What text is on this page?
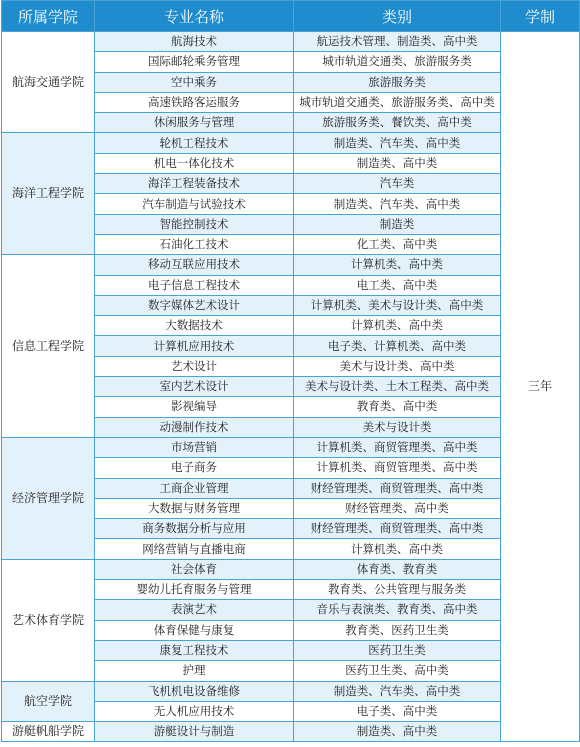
所属学院	专业名称	类别	学制
航海交通学院	航海技术	航运技术管理、制造类、高中类	三年
	国际邮轮乘务管理	城市轨道交通类、旅游服务类	
	空中乘务	旅游服务类	
	高速铁路客运服务	城市轨道交通类、旅游服务类、高中类	
	休闲服务与管理	旅游服务类、餐饮类、高中类	
海洋工程学院	轮机工程技术	制造类、汽车类、高中类	
	机电一体化技术	制造类、高中类	
	海洋工程装备技术	汽车类	
	汽车制造与试验技术	制造类、汽车类、高中类	
	智能控制技术	制造类	
	石油化工技术	化工类、高中类	
信息工程学院	移动互联应用技术	计算机类、高中类	
	电子信息工程技术	电工类、高中类	
	数字媒体艺术设计	计算机类、美术与设计类、高中类	
	大数据技术	计算机类、高中类	
	计算机应用技术	电子类、计算机类、高中类	
	艺术设计	美术与设计类、高中类	
	室内艺术设计	美术与设计类、土木工程类、高中类	
	影视编导	教育类、高中类	
	动漫制作技术	美术与设计类	
经济管理学院	市场营销	计算机类、商贸管理类、高中类	
	电子商务	计算机类、商贸管理类、高中类	
	工商企业管理	财经管理类、商贸管理类、高中类	
	大数据与财务管理	财经管理类、高中类	
	商务数据分析与应用	财经管理类、商贸管理类、高中类	
	网络营销与直播电商	计算机类、高中类	
艺术体育学院	社会体育	体育类、教育类	
	婴幼儿托育服务与管理	教育类、公共管理与服务类	
	表演艺术	音乐与表演类、教育类、高中类	
	体育保健与康复	教育类、医药卫生类	
	康复工程技术	医药卫生类	
	护理	医药卫生类、高中类	
航空学院	飞机机电设备维修	制造类、汽车类、高中类	
	无人机应用技术	电子类、高中类	
游艇帆船学院	游艇设计与制造	制造类、高中类	
